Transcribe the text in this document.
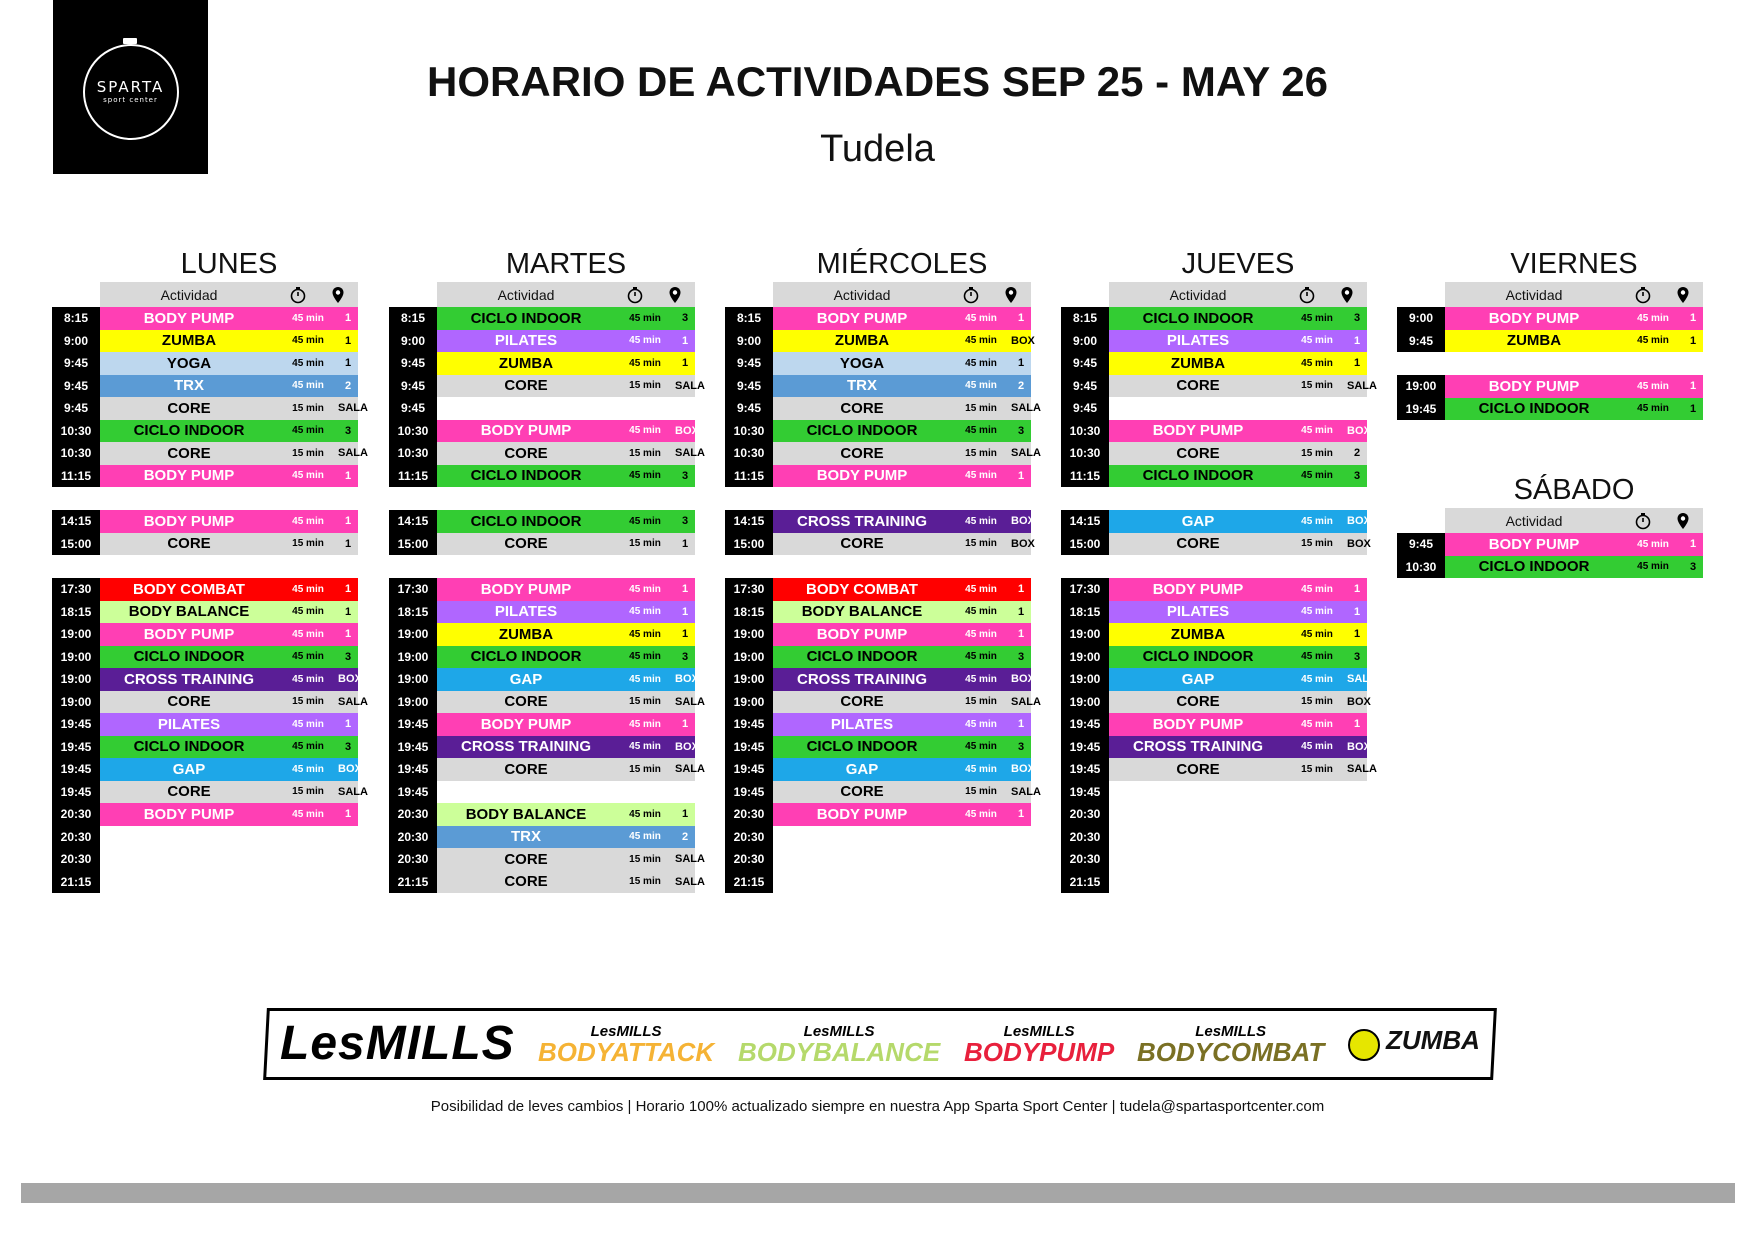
SPARTA
sport center	HORARIO DE ACTIVIDADES SEP 25 - MAY 26
Tudela
LUNES
Actividad
8:15	BODY PUMP	45 min	1
9:00	ZUMBA	45 min	1
9:45	YOGA	45 min	1
9:45	TRX	45 min	2
9:45	CORE	15 min	SALA
10:30	CICLO INDOOR	45 min	3
10:30	CORE	15 min	SALA
11:15	BODY PUMP	45 min	1
14:15	BODY PUMP	45 min	1
15:00	CORE	15 min	1
17:30	BODY COMBAT	45 min	1
18:15	BODY BALANCE	45 min	1
19:00	BODY PUMP	45 min	1
19:00	CICLO INDOOR	45 min	3
19:00	CROSS TRAINING	45 min	BOX
19:00	CORE	15 min	SALA
19:45	PILATES	45 min	1
19:45	CICLO INDOOR	45 min	3
19:45	GAP	45 min	BOX
19:45	CORE	15 min	SALA
20:30	BODY PUMP	45 min	1
20:30
20:30
21:15
MARTES
Actividad
8:15	CICLO INDOOR	45 min	3
9:00	PILATES	45 min	1
9:45	ZUMBA	45 min	1
9:45	CORE	15 min	SALA
9:45
10:30	BODY PUMP	45 min	BOX
10:30	CORE	15 min	SALA
11:15	CICLO INDOOR	45 min	3
14:15	CICLO INDOOR	45 min	3
15:00	CORE	15 min	1
17:30	BODY PUMP	45 min	1
18:15	PILATES	45 min	1
19:00	ZUMBA	45 min	1
19:00	CICLO INDOOR	45 min	3
19:00	GAP	45 min	BOX
19:00	CORE	15 min	SALA
19:45	BODY PUMP	45 min	1
19:45	CROSS TRAINING	45 min	BOX
19:45	CORE	15 min	SALA
19:45
20:30	BODY BALANCE	45 min	1
20:30	TRX	45 min	2
20:30	CORE	15 min	SALA
21:15	CORE	15 min	SALA
MIÉRCOLES
Actividad
8:15	BODY PUMP	45 min	1
9:00	ZUMBA	45 min	BOX
9:45	YOGA	45 min	1
9:45	TRX	45 min	2
9:45	CORE	15 min	SALA
10:30	CICLO INDOOR	45 min	3
10:30	CORE	15 min	SALA
11:15	BODY PUMP	45 min	1
14:15	CROSS TRAINING	45 min	BOX
15:00	CORE	15 min	BOX
17:30	BODY COMBAT	45 min	1
18:15	BODY BALANCE	45 min	1
19:00	BODY PUMP	45 min	1
19:00	CICLO INDOOR	45 min	3
19:00	CROSS TRAINING	45 min	BOX
19:00	CORE	15 min	SALA
19:45	PILATES	45 min	1
19:45	CICLO INDOOR	45 min	3
19:45	GAP	45 min	BOX
19:45	CORE	15 min	SALA
20:30	BODY PUMP	45 min	1
20:30
20:30
21:15
JUEVES
Actividad
8:15	CICLO INDOOR	45 min	3
9:00	PILATES	45 min	1
9:45	ZUMBA	45 min	1
9:45	CORE	15 min	SALA
9:45
10:30	BODY PUMP	45 min	BOX
10:30	CORE	15 min	2
11:15	CICLO INDOOR	45 min	3
14:15	GAP	45 min	BOX
15:00	CORE	15 min	BOX
17:30	BODY PUMP	45 min	1
18:15	PILATES	45 min	1
19:00	ZUMBA	45 min	1
19:00	CICLO INDOOR	45 min	3
19:00	GAP	45 min	SALA
19:00	CORE	15 min	BOX
19:45	BODY PUMP	45 min	1
19:45	CROSS TRAINING	45 min	BOX
19:45	CORE	15 min	SALA
19:45
20:30
20:30
20:30
21:15
VIERNES
Actividad
9:00	BODY PUMP	45 min	1
9:45	ZUMBA	45 min	1
19:00	BODY PUMP	45 min	1
19:45	CICLO INDOOR	45 min	1
SÁBADO
Actividad
9:45	BODY PUMP	45 min	1
10:30	CICLO INDOOR	45 min	3
LesMILLS	LesMILLS
BODYATTACK
LesMILLS
BODYBALANCE
LesMILLS
BODYPUMP
LesMILLS
BODYCOMBAT	ZUMBA
Posibilidad de leves cambios | Horario 100% actualizado siempre en nuestra App Sparta Sport Center | tudela@spartasportcenter.com
